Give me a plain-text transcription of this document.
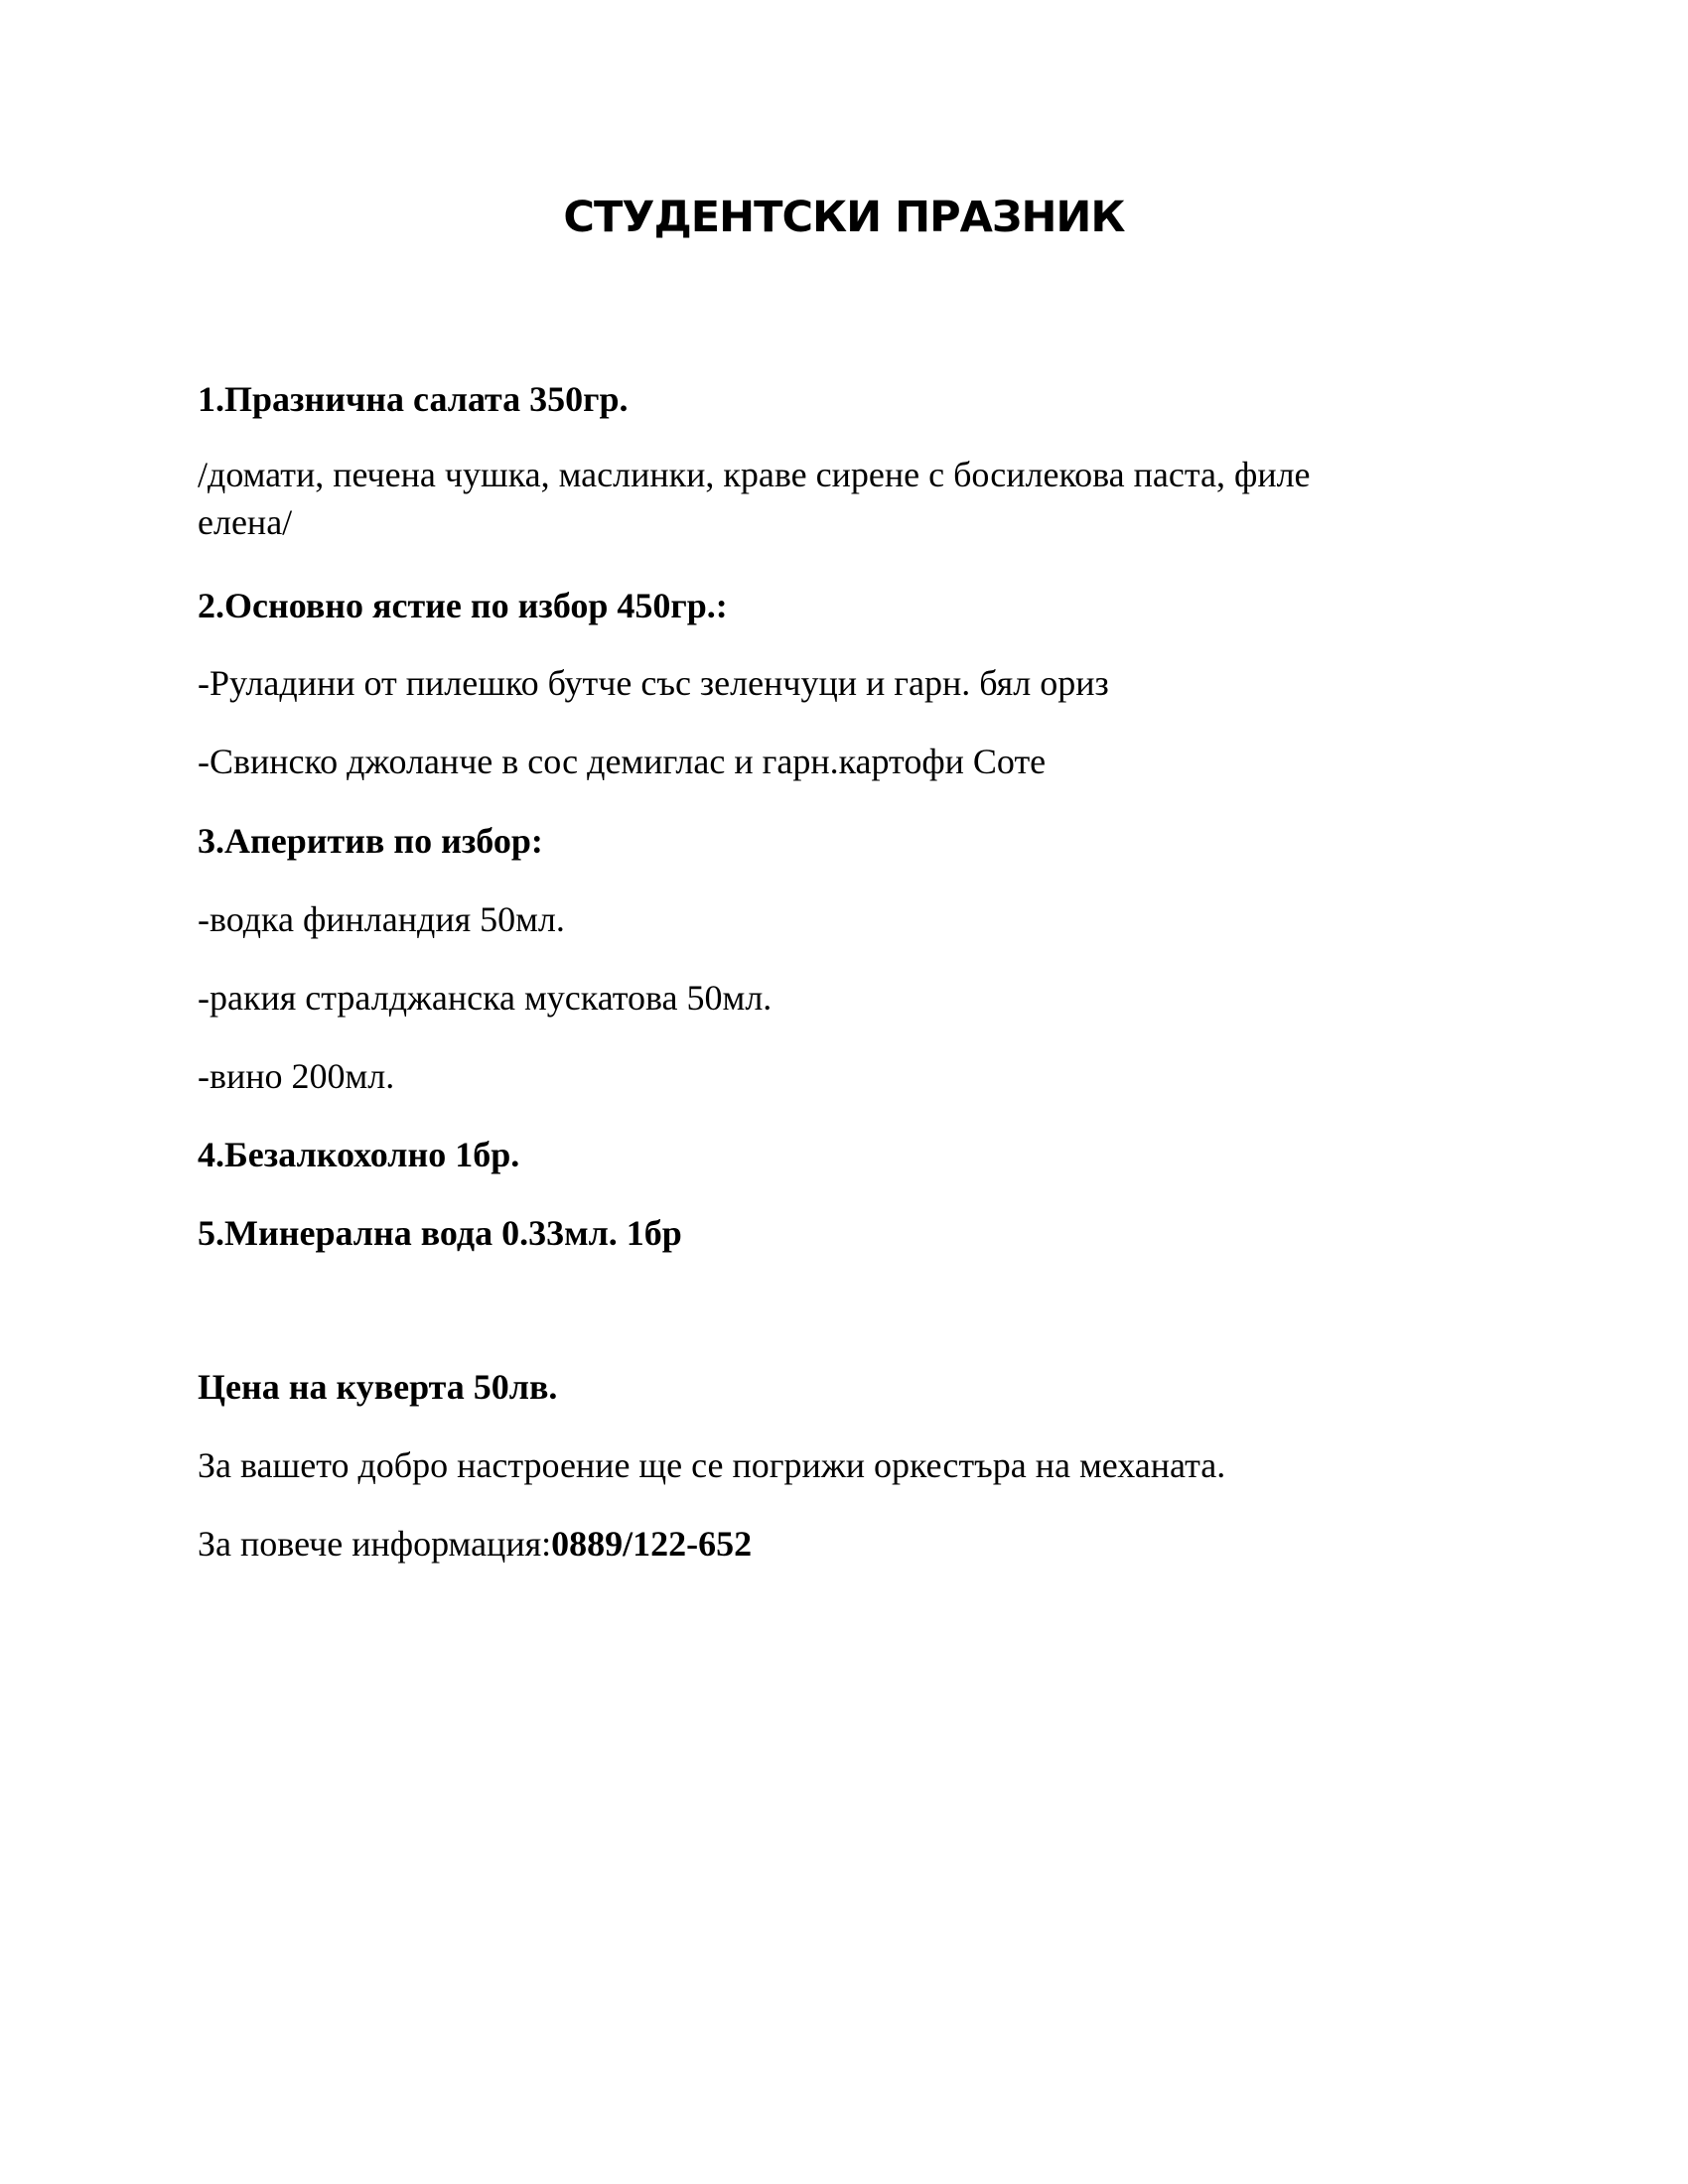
СТУДЕНТСКИ ПРАЗНИК

1.Празнична салата 350гр.

/домати, печена чушка, маслинки, краве сирене с босилекова паста, филе

елена/

2.Основно ястие по избор 450гр.:

-Руладини от пилешко бутче със зеленчуци и гарн. бял ориз

-Свинско джоланче в сос демиглас и гарн.картофи Соте

3.Аперитив по избор:

-водка финландия 50мл.

-ракия стралджанска мускатова 50мл.

-вино 200мл.

4.Безалкохолно 1бр.

5.Минерална вода 0.33мл. 1бр

Цена на куверта 50лв.

За вашето добро настроение ще се погрижи оркестъра на механата.

За повече информация:0889/122-652
